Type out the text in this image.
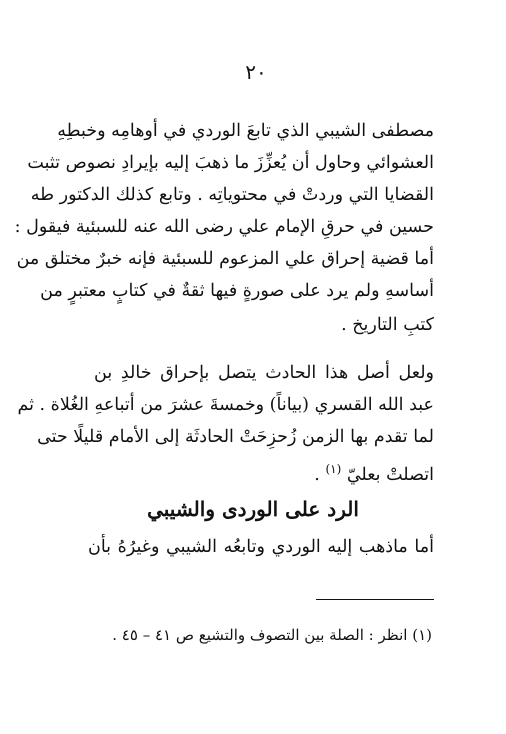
٢٠
مصطفى الشيبي الذي تابعَ الوردي في أوهامِه وخبطِهِ
العشوائي وحاول أن يُعزِّزَ ما ذهبَ إليه بإيرادِ نصوص تثبت
القضايا التي وردتْ في محتوياتِه . وتابع كذلك الدكتور طه
حسين في حرقِ الإمام علي رضى الله عنه للسبئية فيقول :
أما قضية إحراق علي المزعوم للسبئية فإنه خبرٌ مختلق من
أساسهِ ولم يرد على صورةٍ فيها ثقةٌ في كتابٍ معتبرٍ من
كتبِ التاريخ .
ولعل أصل هذا الحادث يتصل بإحراق خالدِ بن
عبد الله القسري (بياناً) وخمسةَ عشرَ من أتباعهِ الغُلاة . ثم
لما تقدم بها الزمن زُحزِحَتْ الحادثَة إلى الأمام قليلًا حتى
اتصلتْ بعليّ $^{(١)}$ .
الرد على الوردى والشيبي
أما ماذهب إليه الوردي وتابعُه الشيبي وغيرُهُ بأن
(١) انظر : الصلة بين التصوف والتشيع ص ٤١ – ٤٥ .
